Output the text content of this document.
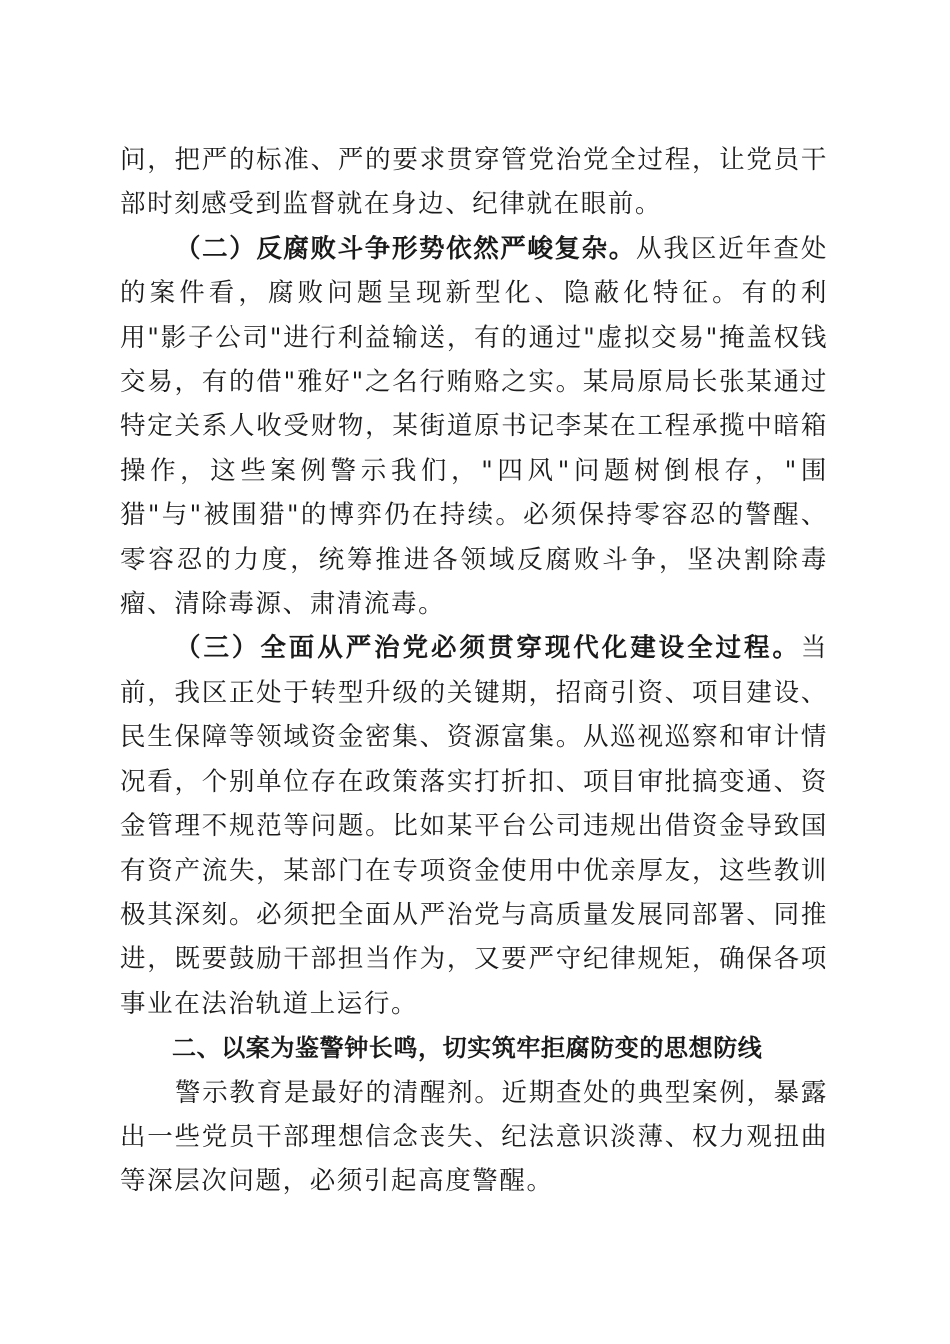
问，把严的标准、严的要求贯穿管党治党全过程，让党员干部时刻感受到监督就在身边、纪律就在眼前。

（二）反腐败斗争形势依然严峻复杂。从我区近年查处的案件看，腐败问题呈现新型化、隐蔽化特征。有的利用"影子公司"进行利益输送，有的通过"虚拟交易"掩盖权钱交易，有的借"雅好"之名行贿赂之实。某局原局长张某通过特定关系人收受财物，某街道原书记李某在工程承揽中暗箱操作，这些案例警示我们，"四风"问题树倒根存，"围猎"与"被围猎"的博弈仍在持续。必须保持零容忍的警醒、零容忍的力度，统筹推进各领域反腐败斗争，坚决割除毒瘤、清除毒源、肃清流毒。

（三）全面从严治党必须贯穿现代化建设全过程。当前，我区正处于转型升级的关键期，招商引资、项目建设、民生保障等领域资金密集、资源富集。从巡视巡察和审计情况看，个别单位存在政策落实打折扣、项目审批搞变通、资金管理不规范等问题。比如某平台公司违规出借资金导致国有资产流失，某部门在专项资金使用中优亲厚友，这些教训极其深刻。必须把全面从严治党与高质量发展同部署、同推进，既要鼓励干部担当作为，又要严守纪律规矩，确保各项事业在法治轨道上运行。

二、以案为鉴警钟长鸣，切实筑牢拒腐防变的思想防线

警示教育是最好的清醒剂。近期查处的典型案例，暴露出一些党员干部理想信念丧失、纪法意识淡薄、权力观扭曲等深层次问题，必须引起高度警醒。
